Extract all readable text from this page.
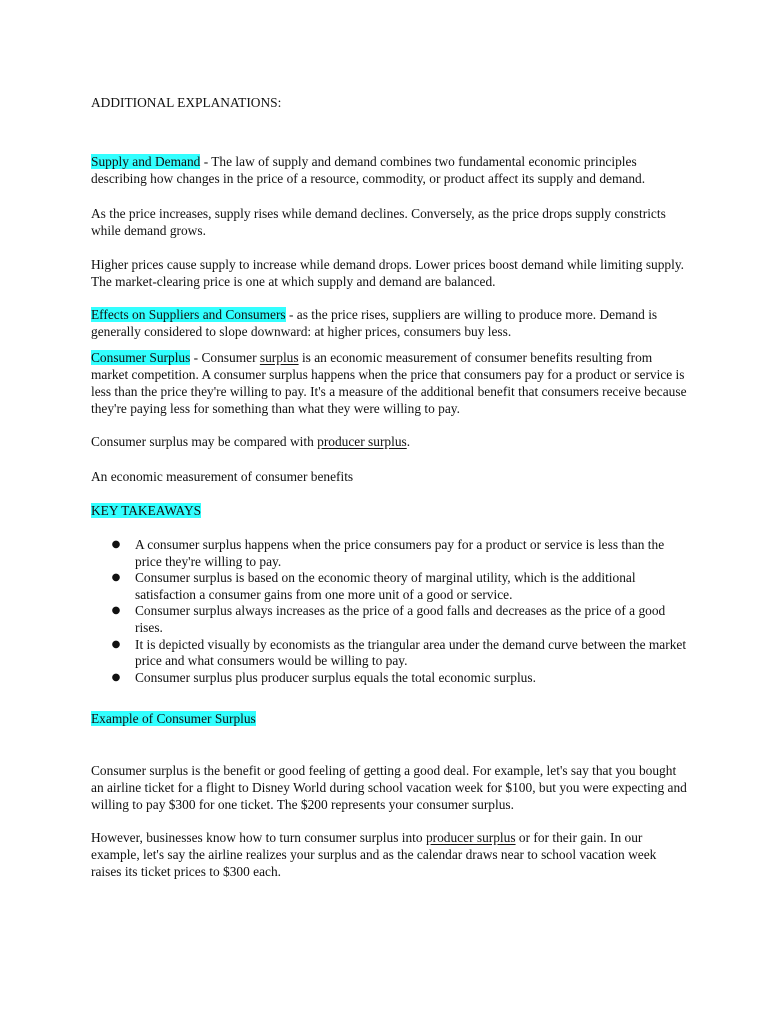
ADDITIONAL EXPLANATIONS:

Supply and Demand - The law of supply and demand combines two fundamental economic principles describing how changes in the price of a resource, commodity, or product affect its supply and demand.

As the price increases, supply rises while demand declines. Conversely, as the price drops supply constricts while demand grows.

Higher prices cause supply to increase while demand drops. Lower prices boost demand while limiting supply. The market-clearing price is one at which supply and demand are balanced.

Effects on Suppliers and Consumers - as the price rises, suppliers are willing to produce more. Demand is generally considered to slope downward: at higher prices, consumers buy less.

Consumer Surplus - Consumer surplus is an economic measurement of consumer benefits resulting from market competition. A consumer surplus happens when the price that consumers pay for a product or service is less than the price they're willing to pay. It's a measure of the additional benefit that consumers receive because they're paying less for something than what they were willing to pay.

Consumer surplus may be compared with producer surplus.

An economic measurement of consumer benefits

KEY TAKEAWAYS

● A consumer surplus happens when the price consumers pay for a product or service is less than the price they're willing to pay.
● Consumer surplus is based on the economic theory of marginal utility, which is the additional satisfaction a consumer gains from one more unit of a good or service.
● Consumer surplus always increases as the price of a good falls and decreases as the price of a good rises.
● It is depicted visually by economists as the triangular area under the demand curve between the market price and what consumers would be willing to pay.
● Consumer surplus plus producer surplus equals the total economic surplus.

Example of Consumer Surplus

Consumer surplus is the benefit or good feeling of getting a good deal. For example, let's say that you bought an airline ticket for a flight to Disney World during school vacation week for $100, but you were expecting and willing to pay $300 for one ticket. The $200 represents your consumer surplus.

However, businesses know how to turn consumer surplus into producer surplus or for their gain. In our example, let's say the airline realizes your surplus and as the calendar draws near to school vacation week raises its ticket prices to $300 each.
